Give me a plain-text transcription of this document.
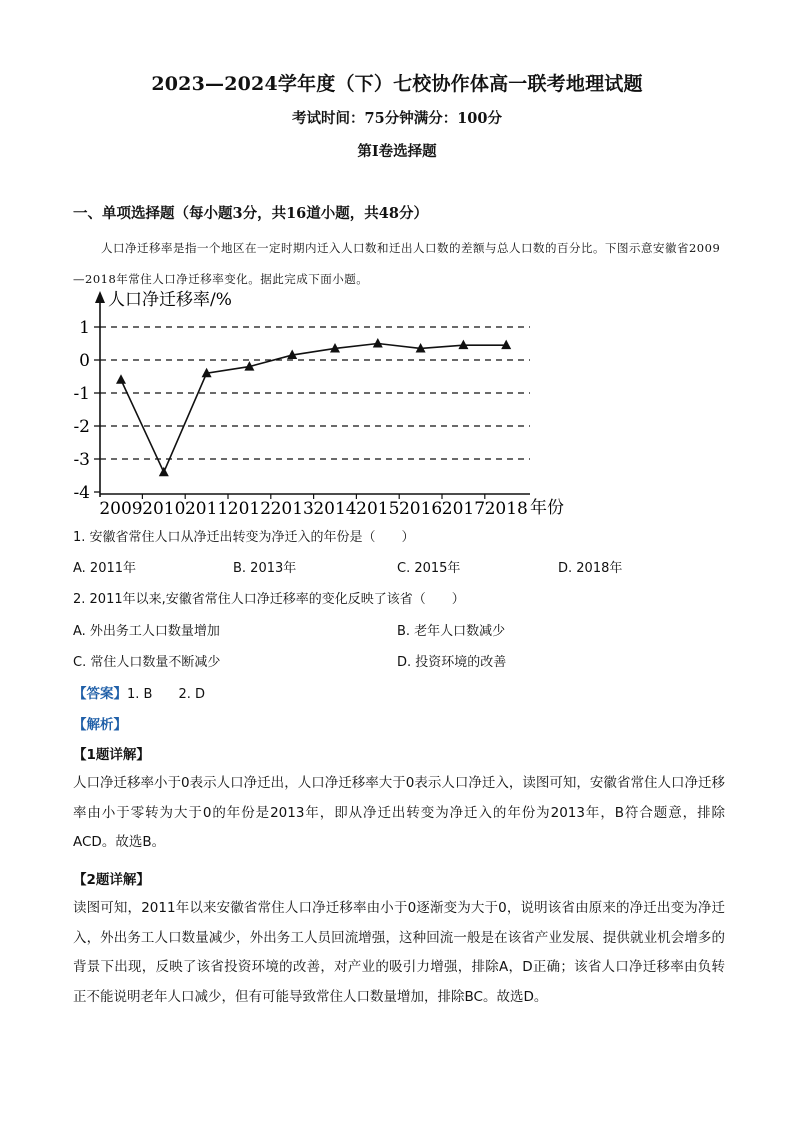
2023—2024学年度（下）七校协作体高一联考地理试题
考试时间：75分钟满分：100分
第Ⅰ卷选择题
一、单项选择题（每小题3分，共16道小题，共48分）
人口净迁移率是指一个地区在一定时期内迁入人口数和迁出人口数的差额与总人口数的百分比。下图示意安徽省2009—2018年常住人口净迁移率变化。据此完成下面小题。
人口净迁移率/%
1
0
-1
-2
-3
-4
2009 2010 2011 2012 2013 2014 2015 2016 2017 2018 年份
1. 安徽省常住人口从净迁出转变为净迁入的年份是（　　）
A. 2011年	B. 2013年	C. 2015年	D. 2018年
2. 2011年以来,安徽省常住人口净迁移率的变化反映了该省（　　）
A. 外出务工人口数量增加	B. 老年人口数减少
C. 常住人口数量不断减少	D. 投资环境的改善
【答案】1. B　　2. D
【解析】
【1题详解】
人口净迁移率小于0表示人口净迁出，人口净迁移率大于0表示人口净迁入，读图可知，安徽省常住人口净迁移率由小于零转为大于0的年份是2013年，即从净迁出转变为净迁入的年份为2013年，B符合题意，排除ACD。故选B。
【2题详解】
读图可知，2011年以来安徽省常住人口净迁移率由小于0逐渐变为大于0，说明该省由原来的净迁出变为净迁入，外出务工人口数量减少，外出务工人员回流增强，这种回流一般是在该省产业发展、提供就业机会增多的背景下出现，反映了该省投资环境的改善，对产业的吸引力增强，排除A，D正确；该省人口净迁移率由负转正不能说明老年人口减少，但有可能导致常住人口数量增加，排除BC。故选D。
